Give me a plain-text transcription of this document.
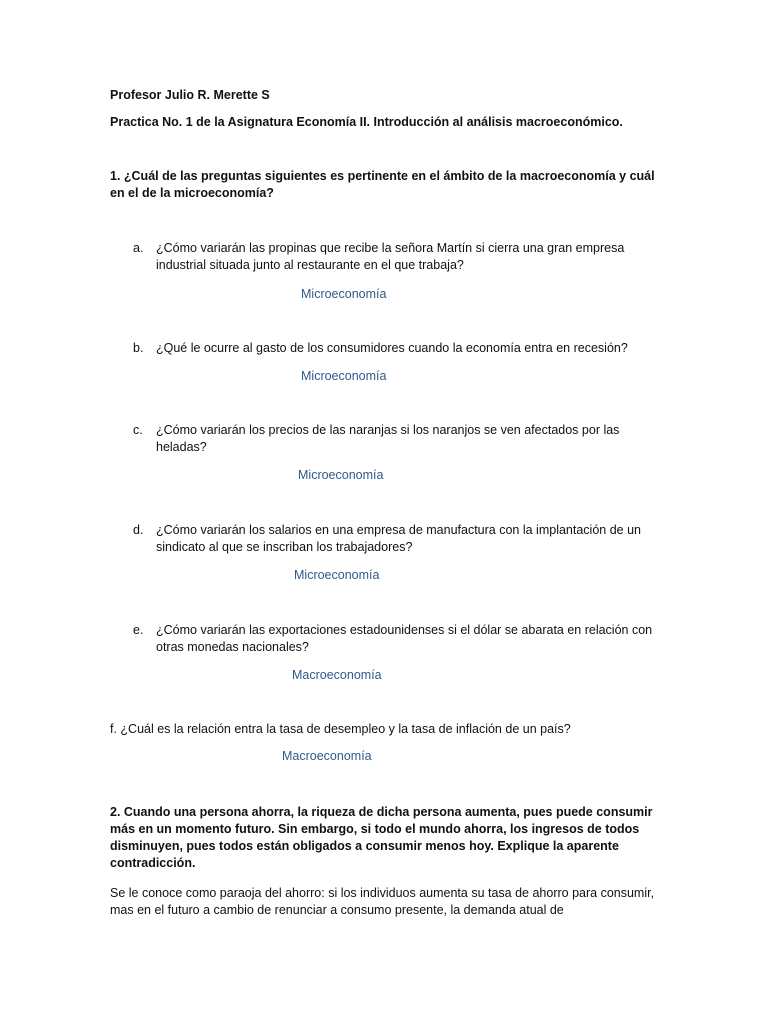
Profesor Julio R. Merette S
Practica No. 1 de la Asignatura Economía II. Introducción al análisis macroeconómico.
1. ¿Cuál de las preguntas siguientes es pertinente en el ámbito de la macroeconomía y cuál en el de la microeconomía?
a. ¿Cómo variarán las propinas que recibe la señora Martín si cierra una gran empresa industrial situada junto al restaurante en el que trabaja?
Microeconomía
b. ¿Qué le ocurre al gasto de los consumidores cuando la economía entra en recesión?
Microeconomía
c. ¿Cómo variarán los precios de las naranjas si los naranjos se ven afectados por las heladas?
Microeconomía
d. ¿Cómo variarán los salarios en una empresa de manufactura con la implantación de un sindicato al que se inscriban los trabajadores?
Microeconomía
e. ¿Cómo variarán las exportaciones estadounidenses si el dólar se abarata en relación con otras monedas nacionales?
Macroeconomía
f. ¿Cuál es la relación entra la tasa de desempleo y la tasa de inflación de un país?
Macroeconomía
2. Cuando una persona ahorra, la riqueza de dicha persona aumenta, pues puede consumir más en un momento futuro. Sin embargo, si todo el mundo ahorra, los ingresos de todos disminuyen, pues todos están obligados a consumir menos hoy. Explique la aparente contradicción.
Se le conoce como paraoja del ahorro: si los individuos aumenta su tasa de ahorro para consumir, mas en el futuro a cambio de renunciar a consumo presente, la demanda atual de
